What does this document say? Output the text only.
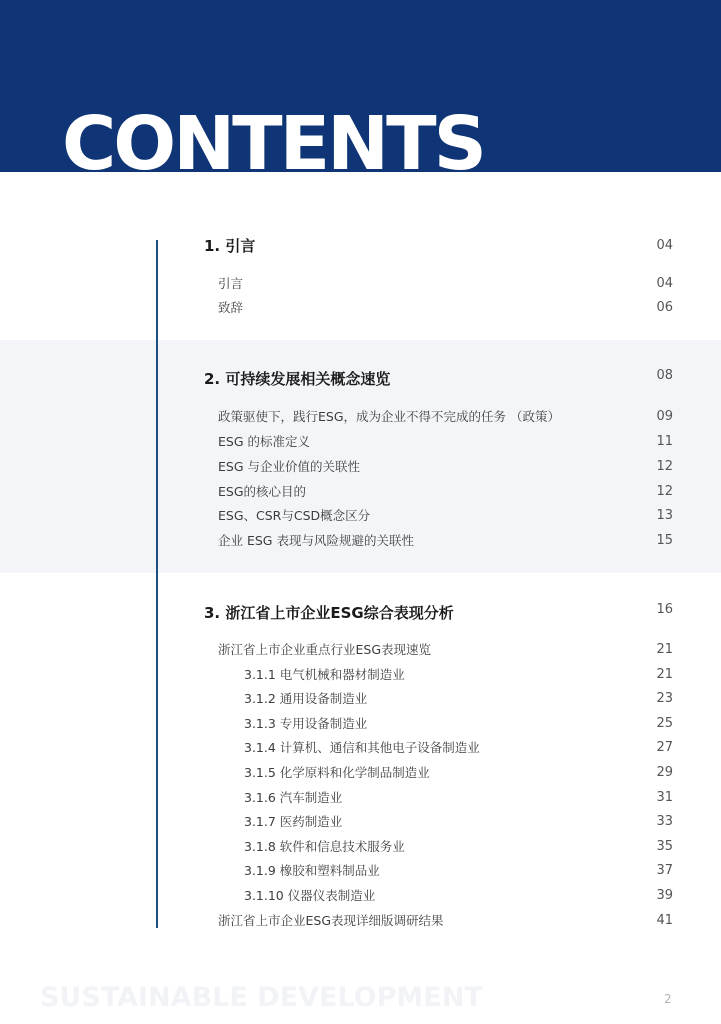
CONTENTS
1. 引言	04
引言	04
致辞	06
2. 可持续发展相关概念速览	08
政策驱使下，践行ESG，成为企业不得不完成的任务 （政策）	09
ESG 的标准定义	11
ESG 与企业价值的关联性	12
ESG的核心目的	12
ESG、CSR与CSD概念区分	13
企业 ESG 表现与风险规避的关联性	15
3. 浙江省上市企业ESG综合表现分析	16
浙江省上市企业重点行业ESG表现速览	21
3.1.1 电气机械和器材制造业	21
3.1.2 通用设备制造业	23
3.1.3 专用设备制造业	25
3.1.4 计算机、通信和其他电子设备制造业	27
3.1.5 化学原料和化学制品制造业	29
3.1.6 汽车制造业	31
3.1.7 医药制造业	33
3.1.8 软件和信息技术服务业	35
3.1.9 橡胶和塑料制品业	37
3.1.10 仪器仪表制造业	39
浙江省上市企业ESG表现详细版调研结果	41
SUSTAINABLE DEVELOPMENT	2
